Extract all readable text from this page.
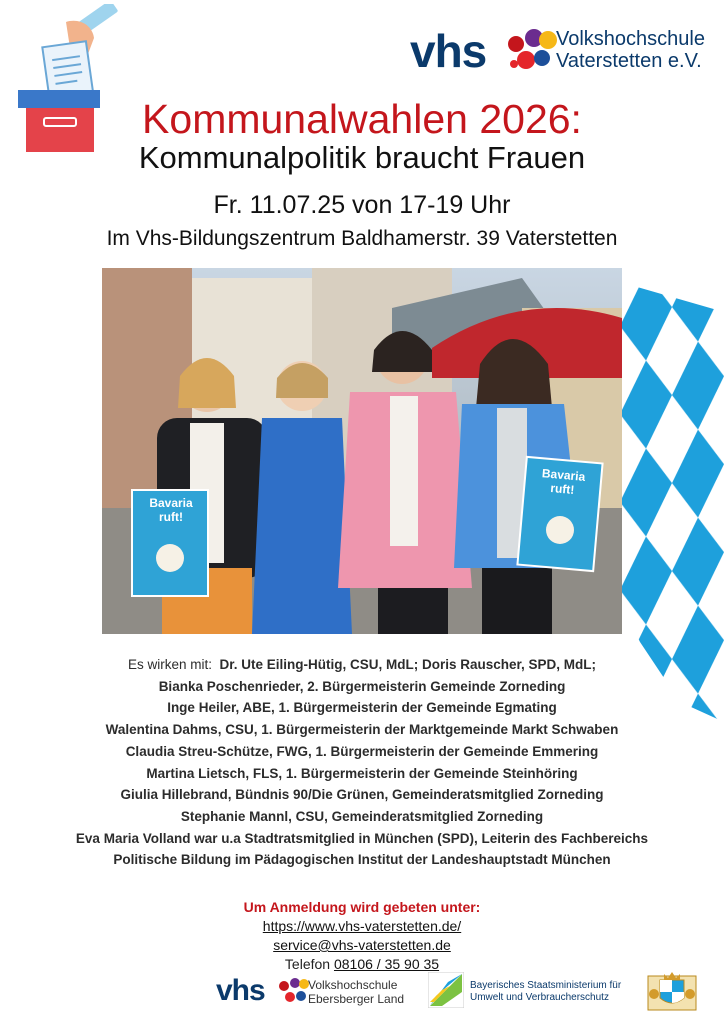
vhs	Volkshochschule
Vaterstetten e.V.
Kommunalwahlen 2026:
Kommunalpolitik braucht Frauen
Fr. 11.07.25 von 17-19 Uhr
Im Vhs-Bildungszentrum Baldhamerstr. 39 Vaterstetten
Bavaria ruft!
Bavaria ruft!
Es wirken mit: Dr. Ute Eiling-Hütig, CSU, MdL; Doris Rauscher, SPD, MdL;
Bianka Poschenrieder, 2. Bürgermeisterin Gemeinde Zorneding
Inge Heiler, ABE, 1. Bürgermeisterin der Gemeinde Egmating
Walentina Dahms, CSU, 1. Bürgermeisterin der Marktgemeinde Markt Schwaben
Claudia Streu-Schütze, FWG, 1. Bürgermeisterin der Gemeinde Emmering
Martina Lietsch, FLS, 1. Bürgermeisterin der Gemeinde Steinhöring
Giulia Hillebrand, Bündnis 90/Die Grünen, Gemeinderatsmitglied Zorneding
Stephanie Mannl, CSU, Gemeinderatsmitglied Zorneding
Eva Maria Volland war u.a Stadtratsmitglied in München (SPD), Leiterin des Fachbereichs
Politische Bildung im Pädagogischen Institut der Landeshauptstadt München
Um Anmeldung wird gebeten unter:
https://www.vhs-vaterstetten.de/
service@vhs-vaterstetten.de
Telefon 08106 / 35 90 35
vhs	Volkshochschule
Ebersberger Land
Bayerisches Staatsministerium für
Umwelt und Verbraucherschutz
